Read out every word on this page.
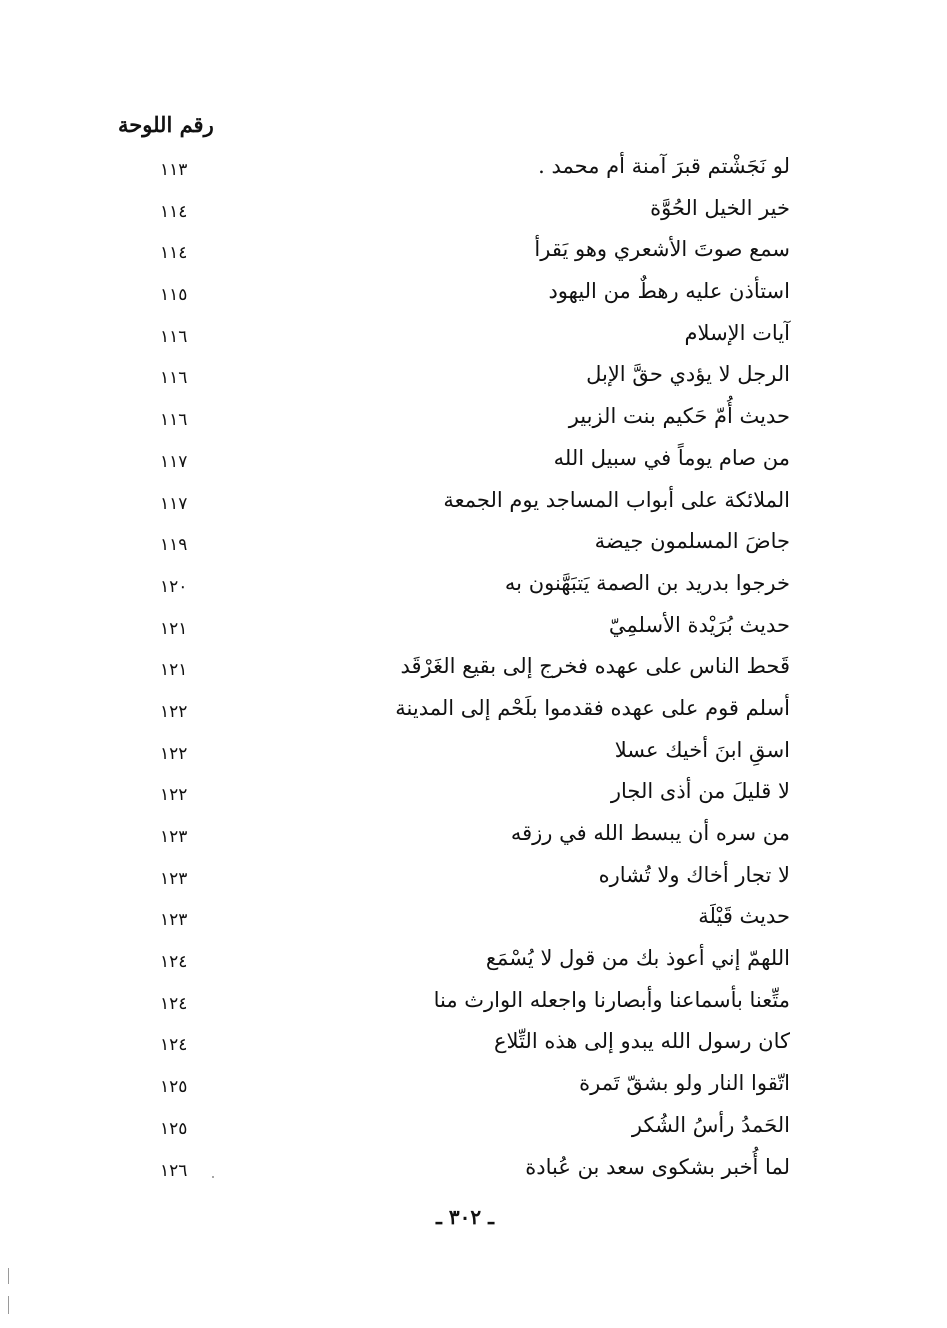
رقم اللوحة
لو نَجَشْتم قبرَ آمنة أم محمد .
١١٣
خير الخيل الحُوَّة
١١٤
سمع صوتَ الأشعري وهو يَقرأ
١١٤
استأذن عليه رهطٌ من اليهود
١١٥
آيات الإسلام
١١٦
الرجل لا يؤدي حقَّ الإبل
١١٦
حديث أُمّ حَكيم بنت الزبير
١١٦
من صام يوماً في سبيل الله
١١٧
الملائكة على أبواب المساجد يوم الجمعة
١١٧
جاضَ المسلمون جيضة
١١٩
خرجوا بدريد بن الصمة يَتبَهَّنون به
١٢٠
حديث بُرَيْدة الأسلمِيّ
١٢١
قَحط الناس على عهده فخرج إلى بقيع الغَرْقَد
١٢١
أسلم قوم على عهده فقدموا بلَحْم إلى المدينة
١٢٢
اسقِ ابنَ أخيك عسلا
١٢٢
لا قليلَ من أذى الجار
١٢٢
من سره أن يبسط الله في رزقه
١٢٣
لا تجار أخاك ولا تُشاره
١٢٣
حديث قَيْلَة
١٢٣
اللهمّ إني أعوذ بك من قول لا يُسْمَع
١٢٤
متِّعنا بأسماعنا وأبصارنا واجعله الوارث منا
١٢٤
كان رسول الله يبدو إلى هذه التِّلاع
١٢٤
اتّقوا النار ولو بشقّ تَمرة
١٢٥
الحَمدُ رأسُ الشُكر
١٢٥
لما أُخبر بشكوى سعد بن عُبادة
١٢٦
ـ ٣٠٢ ـ
